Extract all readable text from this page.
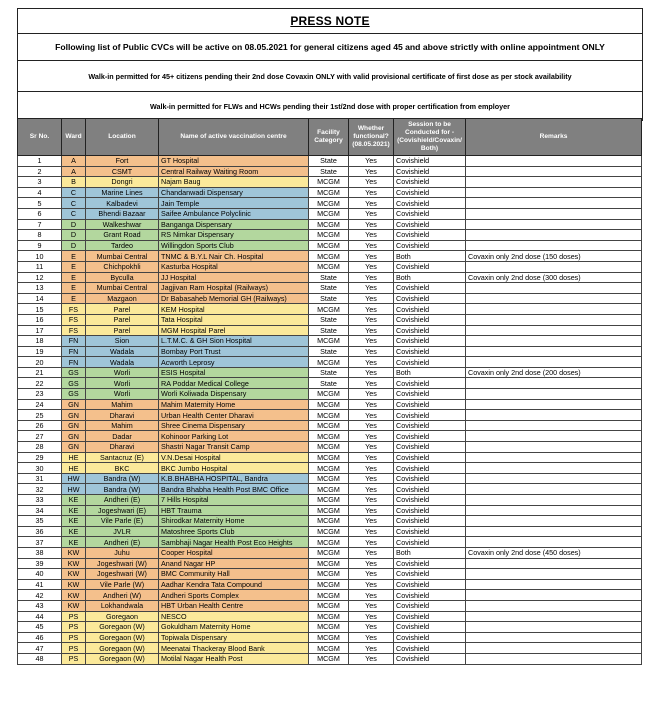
PRESS NOTE
Following list of Public CVCs will be active on 08.05.2021 for general citizens aged 45 and above strictly with online appointment ONLY
Walk-in permitted for 45+ citizens pending their 2nd dose Covaxin ONLY with valid provisional certificate of first dose as per stock availability
Walk-in permitted for FLWs and HCWs pending their 1st/2nd dose with proper certification from employer
Sr No.	Ward	Location	Name of active vaccination centre	Facility Category	Whether functional? (08.05.2021)	Session to be Conducted for - (Covishield/Covaxin/ Both)	Remarks
1	A	Fort	GT Hospital	State	Yes	Covishield	
2	A	CSMT	Central Railway Waiting Room	State	Yes	Covishield	
3	B	Dongri	Najam Baug	MCGM	Yes	Covishield	
4	C	Marine Lines	Chandanwadi Dispensary	MCGM	Yes	Covishield	
5	C	Kalbadevi	Jain Temple	MCGM	Yes	Covishield	
6	C	Bhendi Bazaar	Saifee Ambulance Polyclinic	MCGM	Yes	Covishield	
7	D	Walkeshwar	Banganga Dispensary	MCGM	Yes	Covishield	
8	D	Grant Road	RS Nimkar Dispensary	MCGM	Yes	Covishield	
9	D	Tardeo	Willingdon Sports Club	MCGM	Yes	Covishield	
10	E	Mumbai Central	TNMC & B.Y.L Nair Ch. Hospital	MCGM	Yes	Both	Covaxin only 2nd dose (150 doses)
11	E	Chichpokhli	Kasturba Hospital	MCGM	Yes	Covishield	
12	E	Byculla	JJ Hospital	State	Yes	Both	Covaxin only 2nd dose (300 doses)
13	E	Mumbai Central	Jagjivan Ram Hospital (Railways)	State	Yes	Covishield	
14	E	Mazgaon	Dr Babasaheb Memorial GH (Railways)	State	Yes	Covishield	
15	FS	Parel	KEM Hospital	MCGM	Yes	Covishield	
16	FS	Parel	Tata Hospital	State	Yes	Covishield	
17	FS	Parel	MGM Hospital Parel	State	Yes	Covishield	
18	FN	Sion	L.T.M.C. & GH Sion Hospital	MCGM	Yes	Covishield	
19	FN	Wadala	Bombay Port Trust	State	Yes	Covishield	
20	FN	Wadala	Acworth Leprosy	MCGM	Yes	Covishield	
21	GS	Worli	ESIS Hospital	State	Yes	Both	Covaxin only 2nd dose (200 doses)
22	GS	Worli	RA Poddar Medical College	State	Yes	Covishield	
23	GS	Worli	Worli Koliwada Dispensary	MCGM	Yes	Covishield	
24	GN	Mahim	Mahim Maternity Home	MCGM	Yes	Covishield	
25	GN	Dharavi	Urban Health Center Dharavi	MCGM	Yes	Covishield	
26	GN	Mahim	Shree Cinema Dispensary	MCGM	Yes	Covishield	
27	GN	Dadar	Kohinoor Parking Lot	MCGM	Yes	Covishield	
28	GN	Dharavi	Shastri Nagar Transit Camp	MCGM	Yes	Covishield	
29	HE	Santacruz (E)	V.N.Desai Hospital	MCGM	Yes	Covishield	
30	HE	BKC	BKC Jumbo Hospital	MCGM	Yes	Covishield	
31	HW	Bandra (W)	K.B.BHABHA HOSPITAL, Bandra	MCGM	Yes	Covishield	
32	HW	Bandra (W)	Bandra Bhabha Health Post BMC Office	MCGM	Yes	Covishield	
33	KE	Andheri (E)	7 Hills Hospital	MCGM	Yes	Covishield	
34	KE	Jogeshwari (E)	HBT Trauma	MCGM	Yes	Covishield	
35	KE	Vile Parle (E)	Shirodkar Maternity Home	MCGM	Yes	Covishield	
36	KE	JVLR	Matoshree Sports Club	MCGM	Yes	Covishield	
37	KE	Andheri (E)	Sambhaji Nagar Health Post Eco Heights	MCGM	Yes	Covishield	
38	KW	Juhu	Cooper Hospital	MCGM	Yes	Both	Covaxin only 2nd dose (450 doses)
39	KW	Jogeshwari (W)	Anand Nagar HP	MCGM	Yes	Covishield	
40	KW	Jogeshwari (W)	BMC Community Hall	MCGM	Yes	Covishield	
41	KW	Vile Parle (W)	Aadhar Kendra Tata Compound	MCGM	Yes	Covishield	
42	KW	Andheri (W)	Andheri Sports Complex	MCGM	Yes	Covishield	
43	KW	Lokhandwala	HBT Urban Health Centre	MCGM	Yes	Covishield	
44	PS	Goregaon	NESCO	MCGM	Yes	Covishield	
45	PS	Goregaon (W)	Gokuldham Maternity Home	MCGM	Yes	Covishield	
46	PS	Goregaon (W)	Topiwala Dispensary	MCGM	Yes	Covishield	
47	PS	Goregaon (W)	Meenatai Thackeray Blood Bank	MCGM	Yes	Covishield	
48	PS	Goregaon (W)	Motilal Nagar Health Post	MCGM	Yes	Covishield	
